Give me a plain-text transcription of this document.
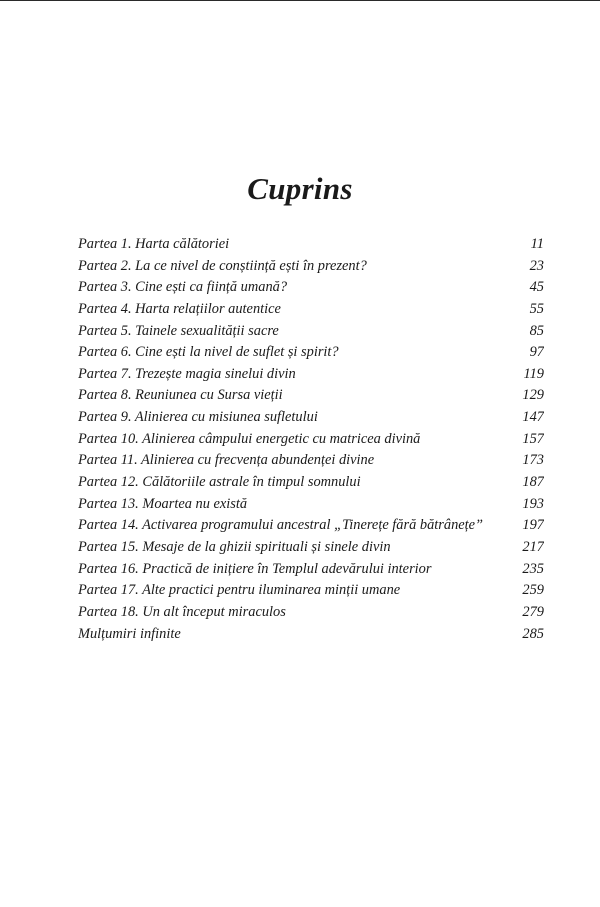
Cuprins
Partea 1. Harta călătoriei	11
Partea 2. La ce nivel de conștiință ești în prezent?	23
Partea 3. Cine ești ca ființă umană?	45
Partea 4. Harta relațiilor autentice	55
Partea 5. Tainele sexualității sacre	85
Partea 6. Cine ești la nivel de suflet și spirit?	97
Partea 7. Trezește magia sinelui divin	119
Partea 8. Reuniunea cu Sursa vieții	129
Partea 9. Alinierea cu misiunea sufletului	147
Partea 10. Alinierea câmpului energetic cu matricea divină	157
Partea 11. Alinierea cu frecvența abundenței divine	173
Partea 12. Călătoriile astrale în timpul somnului	187
Partea 13. Moartea nu există	193
Partea 14. Activarea programului ancestral „Tinerețe fără bătrânețe”	197
Partea 15. Mesaje de la ghizii spirituali și sinele divin	217
Partea 16. Practică de inițiere în Templul adevărului interior	235
Partea 17. Alte practici pentru iluminarea minții umane	259
Partea 18. Un alt început miraculos	279
Mulțumiri infinite	285
